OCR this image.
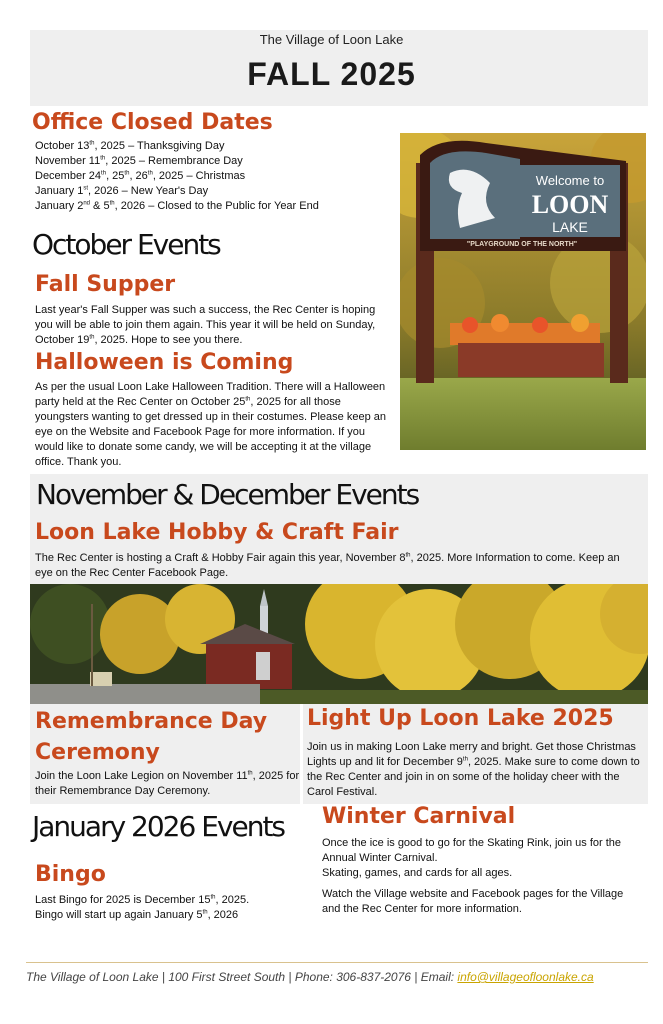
The Village of Loon Lake
FALL 2025
Office Closed Dates
October 13th, 2025 – Thanksgiving Day
November 11th, 2025 – Remembrance Day
December 24th, 25th, 26th, 2025 – Christmas
January 1st, 2026 – New Year's Day
January 2nd & 5th, 2026 – Closed to the Public for Year End
October Events
Fall Supper
Last year's Fall Supper was such a success, the Rec Center is hoping you will be able to join them again. This year it will be held on Sunday, October 19th, 2025. Hope to see you there.
Halloween is Coming
As per the usual Loon Lake Halloween Tradition. There will a Halloween party held at the Rec Center on October 25th, 2025 for all those youngsters wanting to get dressed up in their costumes. Please keep an eye on the Website and Facebook Page for more information. If you would like to donate some candy, we will be accepting it at the village office. Thank you.
Welcome to
LOON
LAKE
"PLAYGROUND OF THE NORTH"
November & December Events
Loon Lake Hobby & Craft Fair
The Rec Center is hosting a Craft & Hobby Fair again this year, November 8th, 2025. More Information to come. Keep an eye on the Rec Center Facebook Page.
Remembrance Day Ceremony
Join the Loon Lake Legion on November 11th, 2025 for their Remembrance Day Ceremony.
Light Up Loon Lake 2025
Join us in making Loon Lake merry and bright. Get those Christmas Lights up and lit for December 9th, 2025. Make sure to come down to the Rec Center and join in on some of the holiday cheer with the Carol Festival.
January 2026 Events
Bingo
Last Bingo for 2025 is December 15th, 2025.
Bingo will start up again January 5th, 2026
Winter Carnival
Once the ice is good to go for the Skating Rink, join us for the Annual Winter Carnival.
Skating, games, and cards for all ages.
Watch the Village website and Facebook pages for the Village and the Rec Center for more information.
The Village of Loon Lake | 100 First Street South | Phone: 306-837-2076 | Email: info@villageofloonlake.ca
